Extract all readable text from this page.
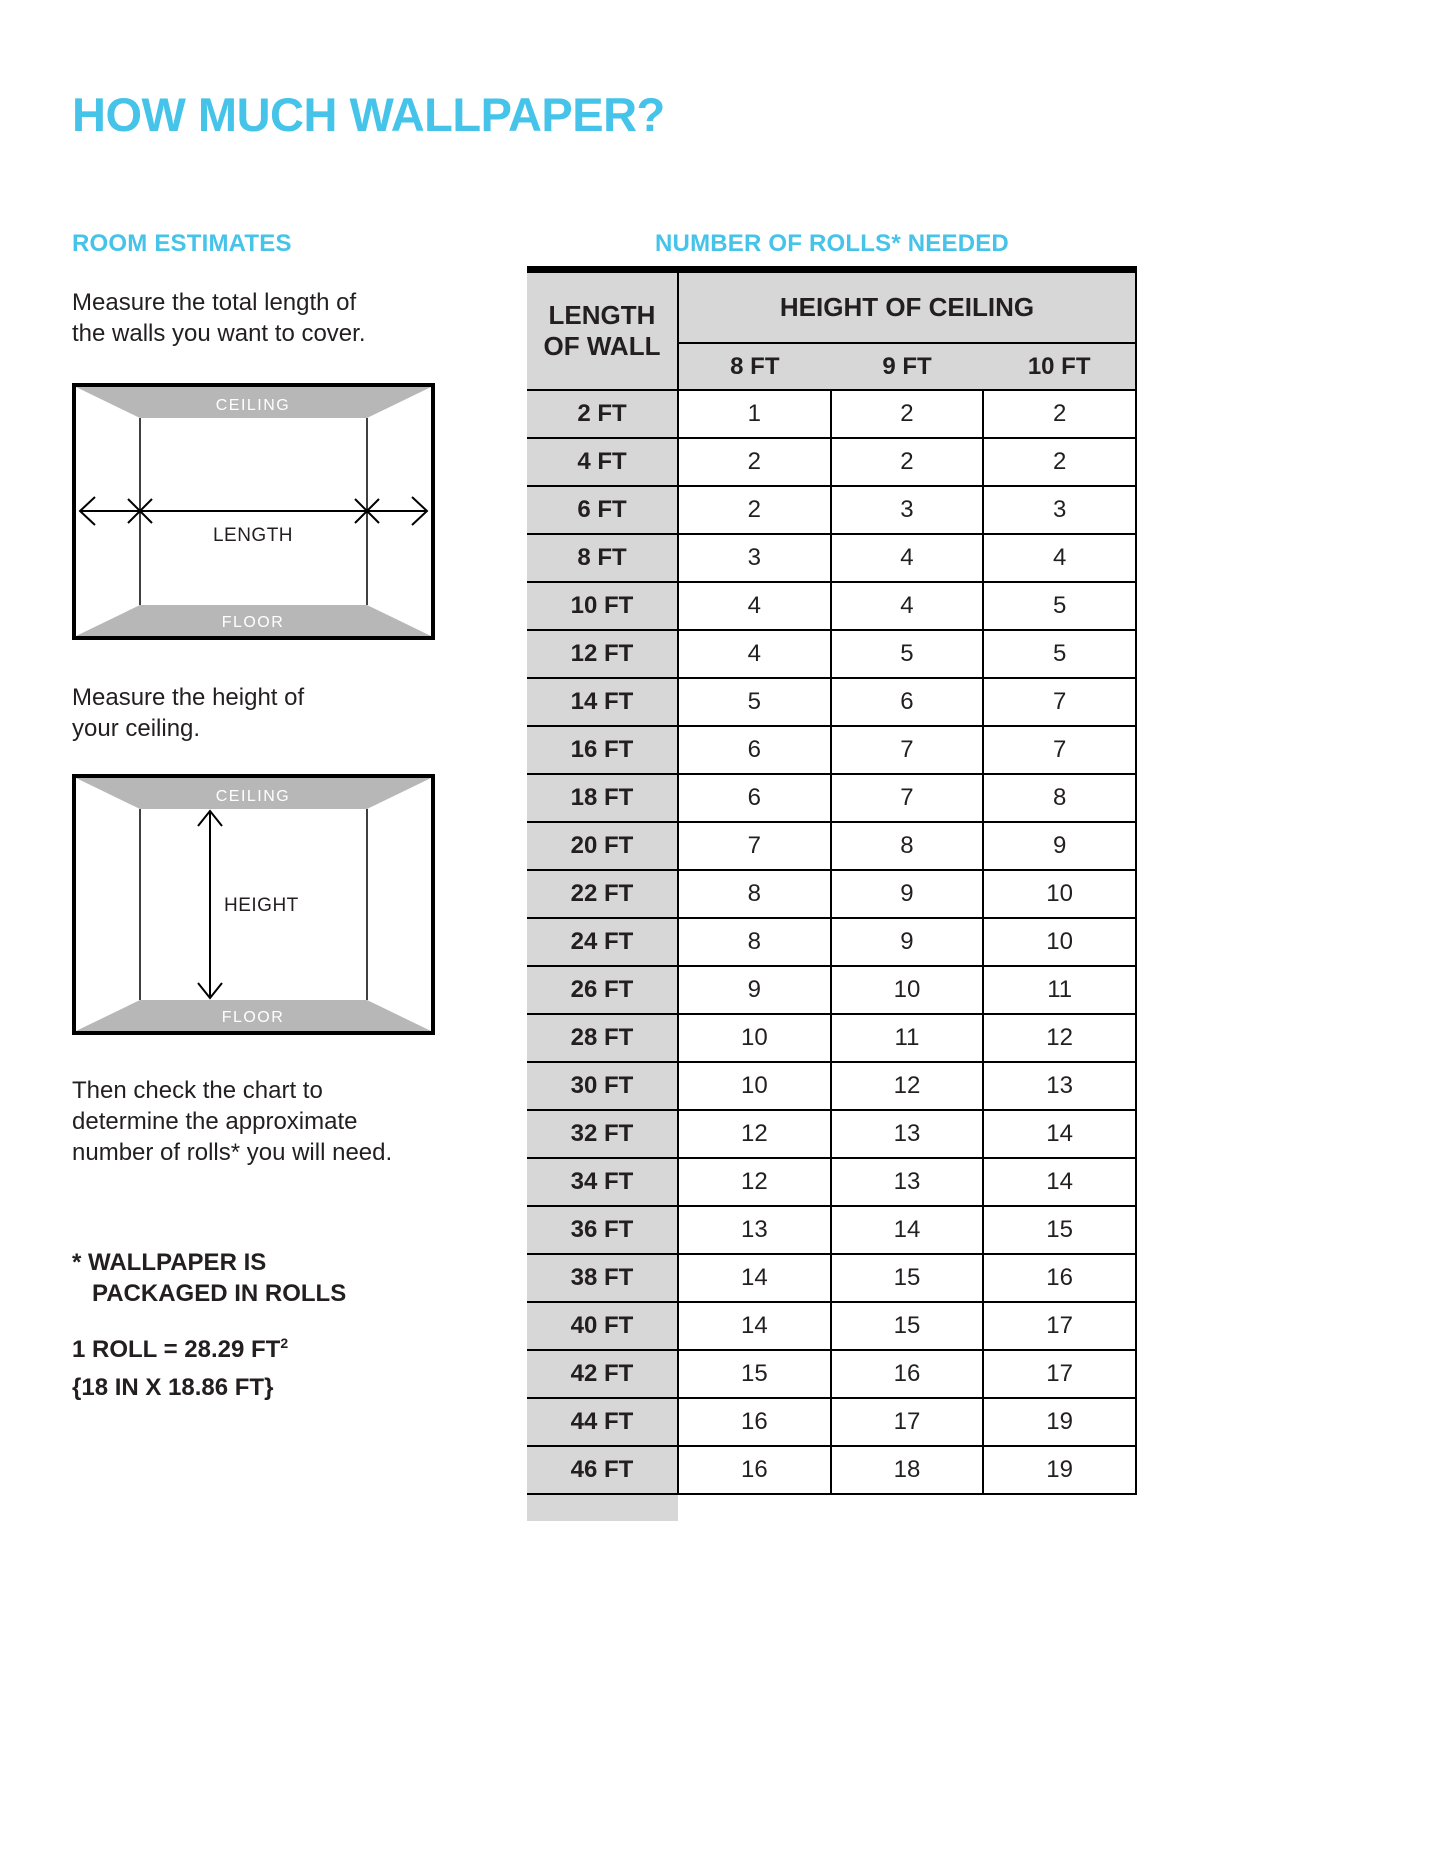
HOW MUCH WALLPAPER?
ROOM ESTIMATES	NUMBER OF ROLLS* NEEDED
Measure the total length of
the walls you want to cover.
CEILING
FLOOR
LENGTH
Measure the height of
your ceiling.
CEILING
FLOOR
HEIGHT
Then check the chart to
determine the approximate
number of rolls* you will need.
* WALLPAPER IS
PACKAGED IN ROLLS
1 ROLL = 28.29 $FT^2$
{18 IN X 18.86 FT}
LENGTH OF WALL	HEIGHT OF CEILING		
	8 FT	9 FT	10 FT
2 FT	1	2	2
4 FT	2	2	2
6 FT	2	3	3
8 FT	3	4	4
10 FT	4	4	5
12 FT	4	5	5
14 FT	5	6	7
16 FT	6	7	7
18 FT	6	7	8
20 FT	7	8	9
22 FT	8	9	10
24 FT	8	9	10
26 FT	9	10	11
28 FT	10	11	12
30 FT	10	12	13
32 FT	12	13	14
34 FT	12	13	14
36 FT	13	14	15
38 FT	14	15	16
40 FT	14	15	17
42 FT	15	16	17
44 FT	16	17	19
46 FT	16	18	19
